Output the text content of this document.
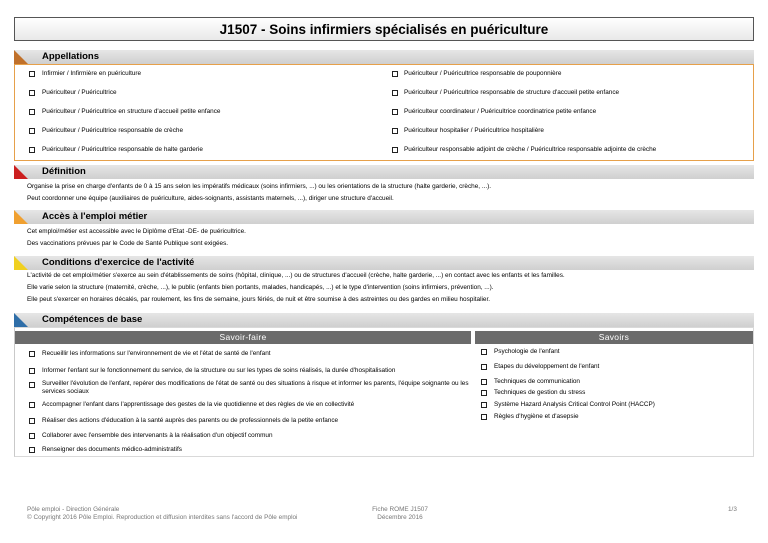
J1507 - Soins infirmiers spécialisés en puériculture
Appellations
Infirmier / Infirmière en puériculture
Puériculteur / Puéricultrice
Puériculteur / Puéricultrice en structure d'accueil petite enfance
Puériculteur / Puéricultrice responsable de crèche
Puériculteur / Puéricultrice responsable de halte garderie
Puériculteur / Puéricultrice responsable de pouponnière
Puériculteur / Puéricultrice responsable de structure d'accueil petite enfance
Puériculteur coordinateur / Puéricultrice coordinatrice petite enfance
Puériculteur hospitalier / Puéricultrice hospitalière
Puériculteur responsable adjoint de crèche / Puéricultrice responsable adjointe de crèche
Définition
Organise la prise en charge d'enfants de 0 à 15 ans selon les impératifs médicaux (soins infirmiers, ...) ou les orientations de la structure (halte garderie, crèche, ...).
Peut coordonner une équipe (auxiliaires de puériculture, aides-soignants, assistants maternels, ...), diriger une structure d'accueil.
Accès à l'emploi métier
Cet emploi/métier est accessible avec le Diplôme d'Etat -DE- de puéricultrice.
Des vaccinations prévues par le Code de Santé Publique sont exigées.
Conditions d'exercice de l'activité
L'activité de cet emploi/métier s'exerce au sein d'établissements de soins (hôpital, clinique, ...) ou de structures d'accueil (crèche, halte garderie, ...) en contact avec les enfants et les familles.
Elle varie selon la structure (maternité, crèche, ...), le public (enfants bien portants, malades, handicapés, ...) et le type d'intervention (soins infirmiers, prévention, ...).
Elle peut s'exercer en horaires décalés, par roulement, les fins de semaine, jours fériés, de nuit et être soumise à des astreintes ou des gardes en milieu hospitalier.
Compétences de base
Savoir-faire	Savoirs
Recueillir les informations sur l'environnement de vie et l'état de santé de l'enfant
Informer l'enfant sur le fonctionnement du service, de la structure ou sur les types de soins réalisés, la durée d'hospitalisation
Surveiller l'évolution de l'enfant, repérer des modifications de l'état de santé ou des situations à risque et informer les parents, l'équipe soignante ou les services sociaux
Accompagner l'enfant dans l'apprentissage des gestes de la vie quotidienne et des règles de vie en collectivité
Réaliser des actions d'éducation à la santé auprès des parents ou de professionnels de la petite enfance
Collaborer avec l'ensemble des intervenants à la réalisation d'un objectif commun
Renseigner des documents médico-administratifs
Psychologie de l'enfant
Etapes du développement de l'enfant
Techniques de communication
Techniques de gestion du stress
Système Hazard Analysis Critical Control Point (HACCP)
Règles d'hygiène et d'asepsie
Pôle emploi - Direction Générale
© Copyright 2016 Pôle Emploi. Reproduction et diffusion interdites sans l'accord de Pôle emploi
Fiche ROME J1507
Décembre 2016
1/3
